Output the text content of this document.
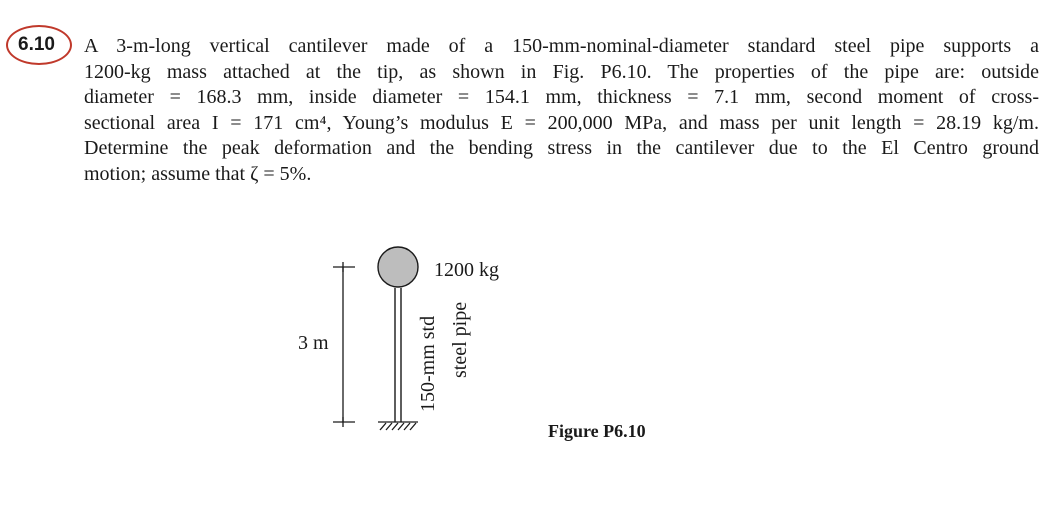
6.10 A 3-m-long vertical cantilever made of a 150-mm-nominal-diameter standard steel pipe supports a
1200-kg mass attached at the tip, as shown in Fig. P6.10. The properties of the pipe are: outside
diameter = 168.3 mm, inside diameter = 154.1 mm, thickness = 7.1 mm, second moment of cross-
sectional area I = 171 cm⁴, Young’s modulus E = 200,000 MPa, and mass per unit length = 28.19 kg/m.
Determine the peak deformation and the bending stress in the cantilever due to the El Centro ground
motion; assume that ζ = 5%.
1200 kg
3 m	150-mm std steel pipe
Figure P6.10
